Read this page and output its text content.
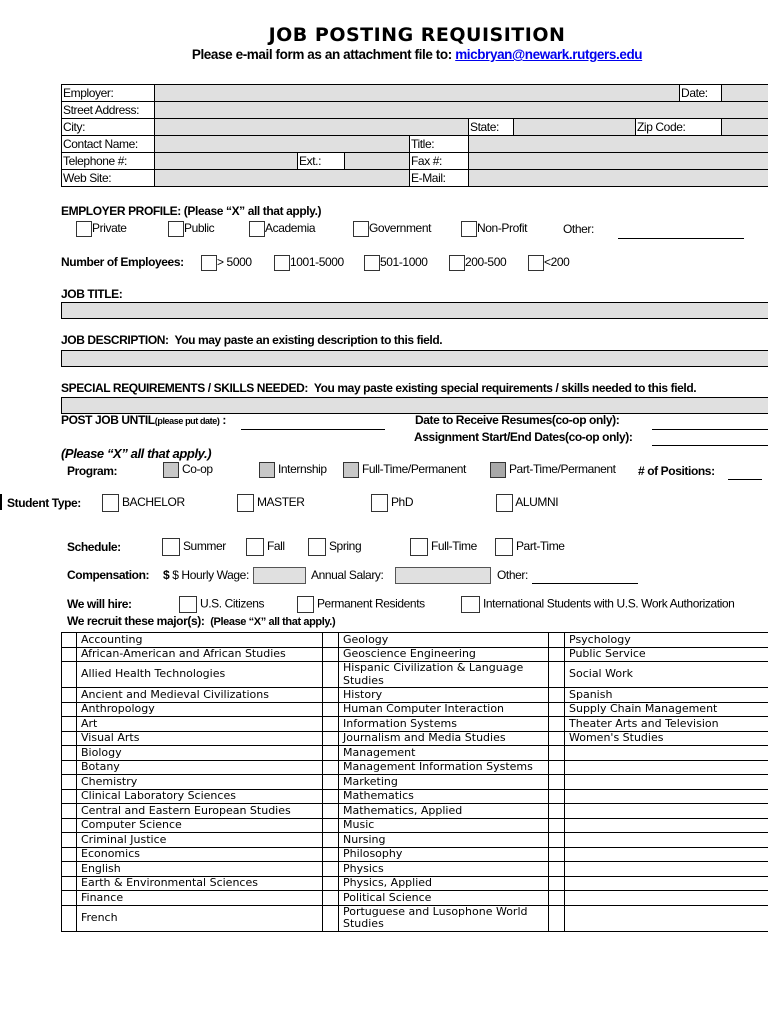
JOB POSTING REQUISITION
Please e-mail form as an attachment file to: micbryan@newark.rutgers.edu
Employer:								Date:	
Street Address:									
City:					State:		Zip Code:		
Contact Name:				Title:					
Telephone #:		Ext.:		Fax #:					
Web Site:				E-Mail:					
EMPLOYER PROFILE: (Please “X” all that apply.)
Private	Public	Academia	Government	Non-Profit	Other:
Number of Employees:	> 5000	1001-5000	501-1000	200-500	<200
JOB TITLE:
JOB DESCRIPTION: You may paste an existing description to this field.
SPECIAL REQUIREMENTS / SKILLS NEEDED: You may paste existing special requirements / skills needed to this field.
POST JOB UNTIL(please put date) :	Date to Receive Resumes(co-op only):
Assignment Start/End Dates(co-op only):
(Please “X” all that apply.)
Program:	Co-op	Internship	Full-Time/Permanent	Part-Time/Permanent # of Positions:
Student Type:	BACHELOR	MASTER	PhD	ALUMNI
Schedule:	Summer	Fall	Spring	Full-Time	Part-Time
Compensation: $ $ Hourly Wage:	Annual Salary:	Other:
We will hire:	U.S. Citizens	Permanent Residents	International Students with U.S. Work Authorization
We recruit these major(s): (Please “X” all that apply.)
	Accounting		Geology		Psychology
	African-American and African Studies		Geoscience Engineering		Public Service
	Allied Health Technologies		Hispanic Civilization & Language Studies		Social Work
	Ancient and Medieval Civilizations		History		Spanish
	Anthropology		Human Computer Interaction		Supply Chain Management
	Art		Information Systems		Theater Arts and Television
	Visual Arts		Journalism and Media Studies		Women's Studies
	Biology		Management		
	Botany		Management Information Systems		
	Chemistry		Marketing		
	Clinical Laboratory Sciences		Mathematics		
	Central and Eastern European Studies		Mathematics, Applied		
	Computer Science		Music		
	Criminal Justice		Nursing		
	Economics		Philosophy		
	English		Physics		
	Earth & Environmental Sciences		Physics, Applied		
	Finance		Political Science		
	French		Portuguese and Lusophone World Studies		
